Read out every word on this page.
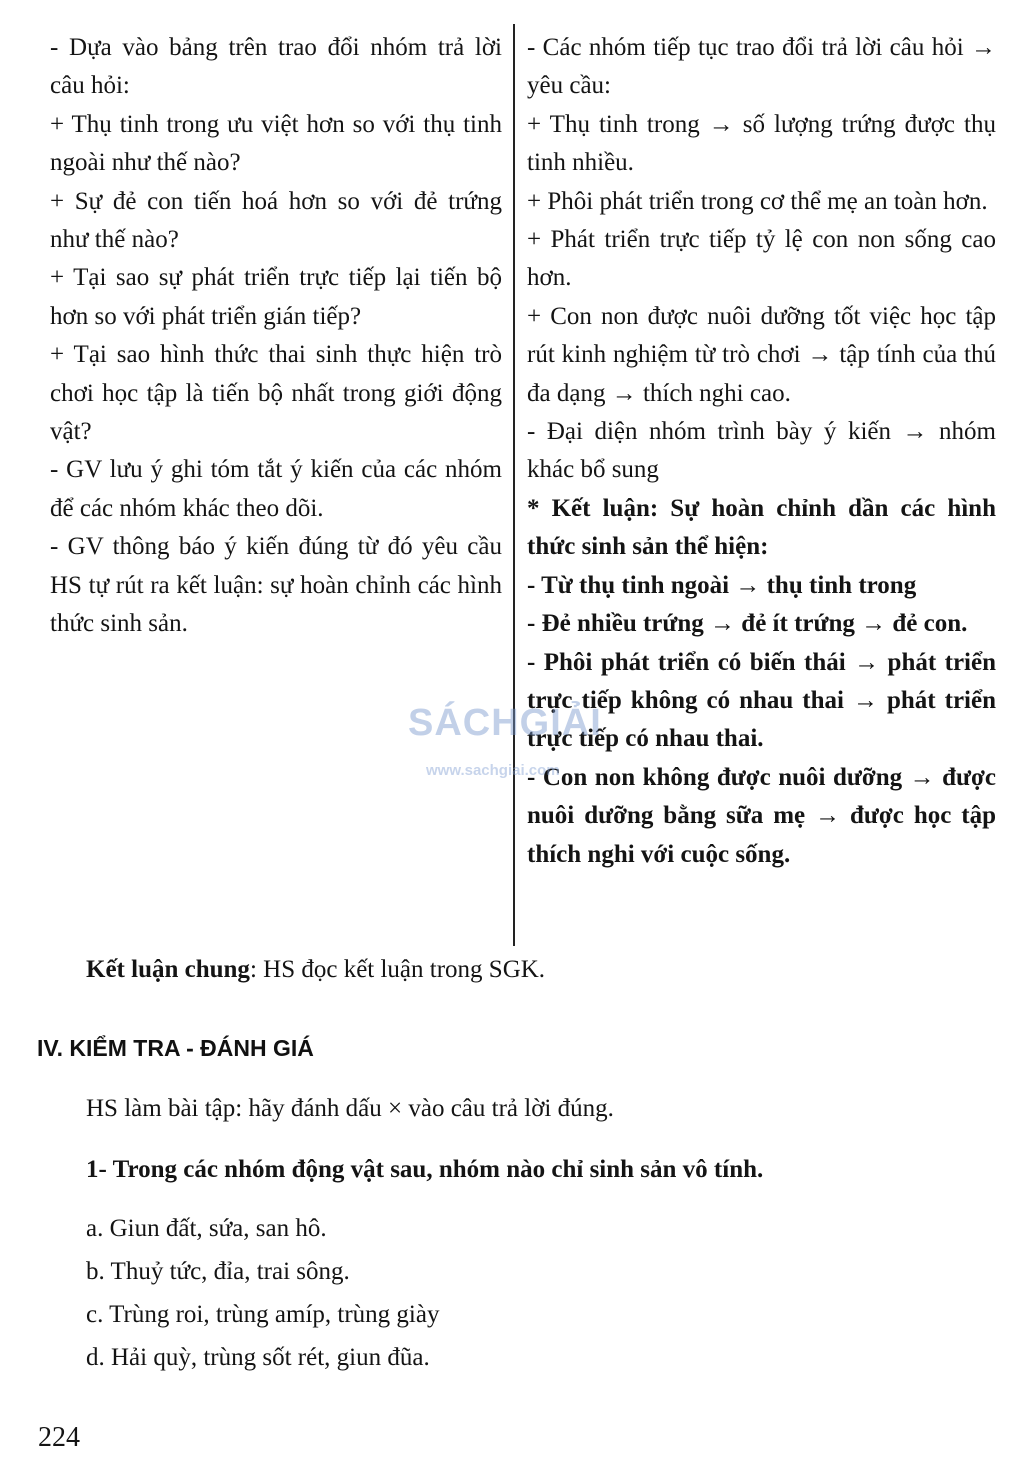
- Dựa vào bảng trên trao đổi nhóm trả lời câu hỏi:

+ Thụ tinh trong ưu việt hơn so với thụ tinh ngoài như thế nào?

+ Sự đẻ con tiến hoá hơn so với đẻ trứng như thế nào?

+ Tại sao sự phát triển trực tiếp lại tiến bộ hơn so với phát triển gián tiếp?

+ Tại sao hình thức thai sinh thực hiện trò chơi học tập là tiến bộ nhất trong giới động vật?

- GV lưu ý ghi tóm tắt ý kiến của các nhóm để các nhóm khác theo dõi.

- GV thông báo ý kiến đúng từ đó yêu cầu HS tự rút ra kết luận: sự hoàn chỉnh các hình thức sinh sản.

- Các nhóm tiếp tục trao đổi trả lời câu hỏi → yêu cầu:

+ Thụ tinh trong → số lượng trứng được thụ tinh nhiều.

+ Phôi phát triển trong cơ thể mẹ an toàn hơn.

+ Phát triển trực tiếp tỷ lệ con non sống cao hơn.

+ Con non được nuôi dưỡng tốt việc học tập rút kinh nghiệm từ trò chơi → tập tính của thú đa dạng → thích nghi cao.

- Đại diện nhóm trình bày ý kiến → nhóm khác bổ sung

* Kết luận: Sự hoàn chỉnh dần các hình thức sinh sản thể hiện:

- Từ thụ tinh ngoài → thụ tinh trong

- Đẻ nhiều trứng → đẻ ít trứng → đẻ con.

- Phôi phát triển có biến thái → phát triển trực tiếp không có nhau thai → phát triển trực tiếp có nhau thai.

- Con non không được nuôi dưỡng → được nuôi dưỡng bằng sữa mẹ → được học tập thích nghi với cuộc sống.

SÁCHGIẢI
www.sachgiai.com

Kết luận chung: HS đọc kết luận trong SGK.

IV. KIỂM TRA - ĐÁNH GIÁ

HS làm bài tập: hãy đánh dấu × vào câu trả lời đúng.

1- Trong các nhóm động vật sau, nhóm nào chỉ sinh sản vô tính.

a. Giun đất, sứa, san hô.
b. Thuỷ tức, đỉa, trai sông.
c. Trùng roi, trùng amíp, trùng giày
d. Hải quỳ, trùng sốt rét, giun đũa.

224
